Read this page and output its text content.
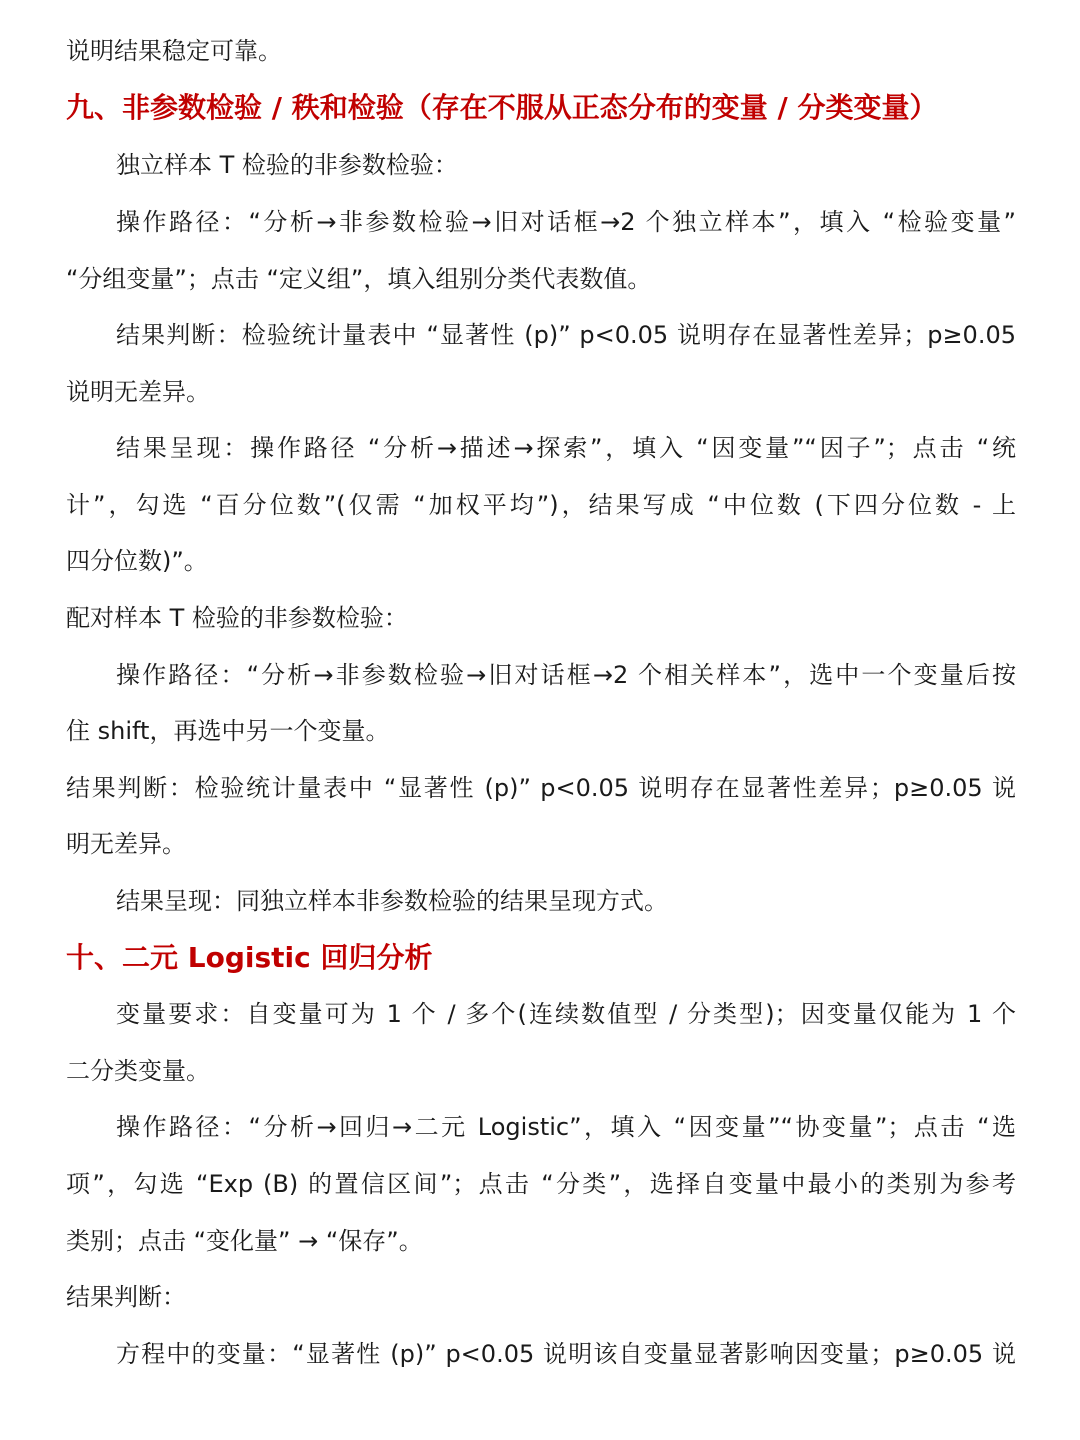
说明结果稳定可靠。
九、非参数检验 / 秩和检验（存在不服从正态分布的变量 / 分类变量）
独立样本 T 检验的非参数检验：
操作路径：“分析→非参数检验→旧对话框→2 个独立样本”，填入 “检验变量”
“分组变量”；点击 “定义组”，填入组别分类代表数值。
结果判断：检验统计量表中 “显著性 (p)” p<0.05 说明存在显著性差异；p≥0.05
说明无差异。
结果呈现：操作路径 “分析→描述→探索”，填入 “因变量”“因子”；点击 “统
计”，勾选 “百分位数”(仅需 “加权平均”)，结果写成 “中位数 (下四分位数 - 上
四分位数)”。
配对样本 T 检验的非参数检验：
操作路径：“分析→非参数检验→旧对话框→2 个相关样本”，选中一个变量后按
住 shift，再选中另一个变量。
结果判断：检验统计量表中 “显著性 (p)” p<0.05 说明存在显著性差异；p≥0.05 说
明无差异。
结果呈现：同独立样本非参数检验的结果呈现方式。
十、二元 Logistic 回归分析
变量要求：自变量可为 1 个 / 多个(连续数值型 / 分类型)；因变量仅能为 1 个
二分类变量。
操作路径：“分析→回归→二元 Logistic”，填入 “因变量”“协变量”；点击 “选
项”，勾选 “Exp (B) 的置信区间”；点击 “分类”，选择自变量中最小的类别为参考
类别；点击 “变化量” → “保存”。
结果判断：
方程中的变量：“显著性 (p)” p<0.05 说明该自变量显著影响因变量；p≥0.05 说
